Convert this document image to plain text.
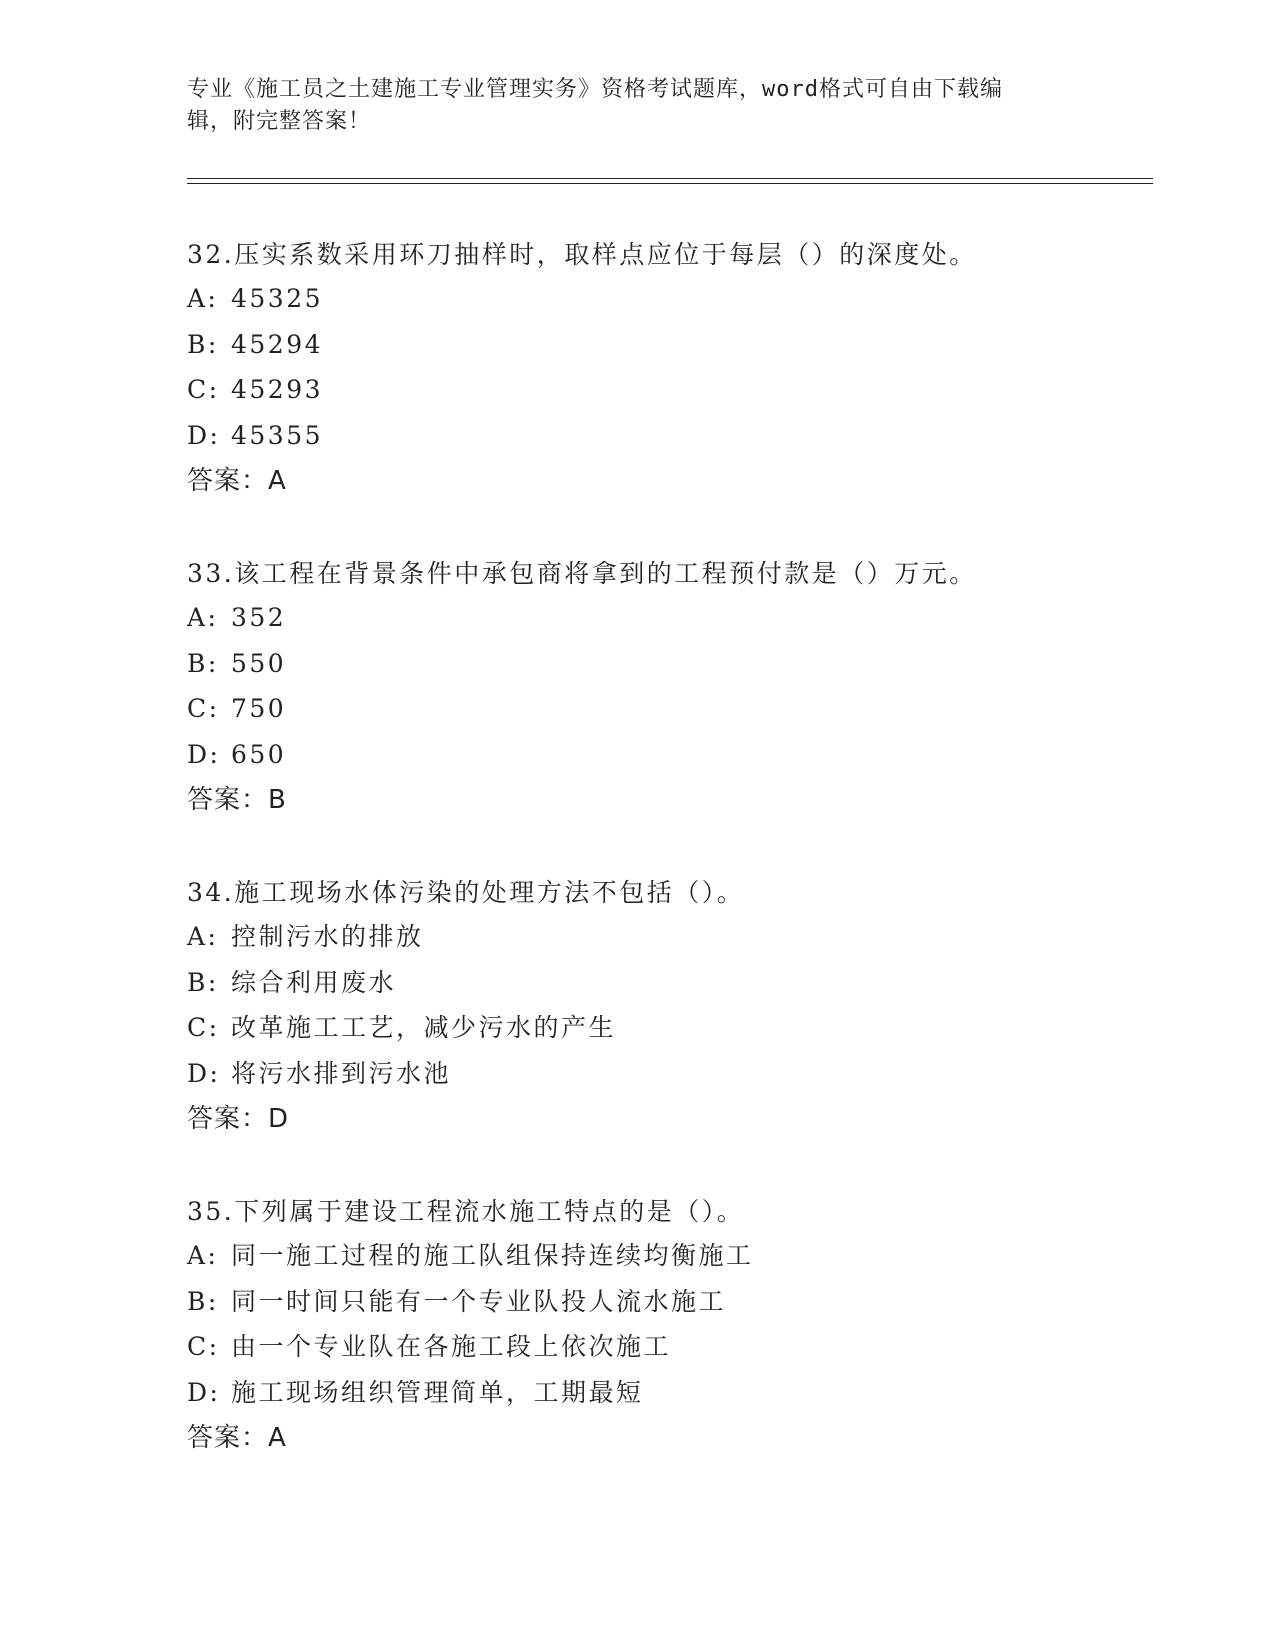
专业《施工员之土建施工专业管理实务》资格考试题库，word格式可自由下载编
辑，附完整答案！
32.压实系数采用环刀抽样时，取样点应位于每层（）的深度处。
A: 45325
B: 45294
C: 45293
D: 45355
答案：A
33.该工程在背景条件中承包商将拿到的工程预付款是（）万元。
A: 352
B: 550
C: 750
D: 650
答案：B
34.施工现场水体污染的处理方法不包括（）。
A: 控制污水的排放
B: 综合利用废水
C: 改革施工工艺，减少污水的产生
D: 将污水排到污水池
答案：D
35.下列属于建设工程流水施工特点的是（）。
A: 同一施工过程的施工队组保持连续均衡施工
B: 同一时间只能有一个专业队投人流水施工
C: 由一个专业队在各施工段上依次施工
D: 施工现场组织管理简单，工期最短
答案：A
